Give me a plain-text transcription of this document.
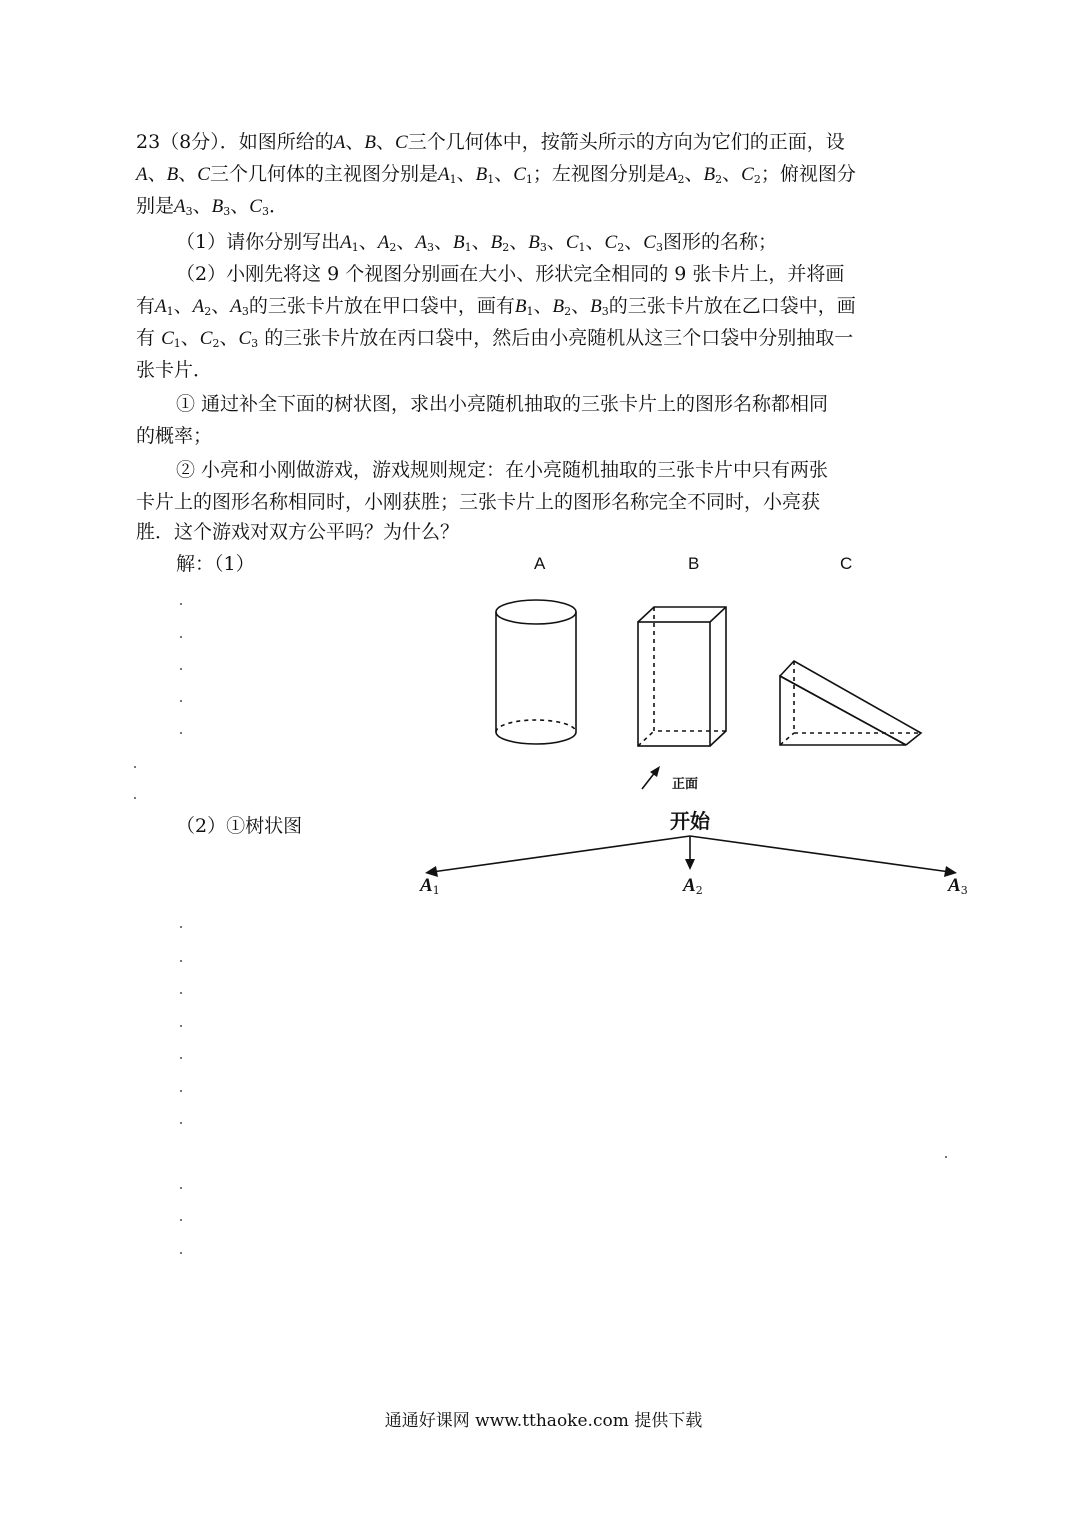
23（8分）．如图所给的A、B、C三个几何体中，按箭头所示的方向为它们的正面，设
A、B、C三个几何体的主视图分别是$A_1$、$B_1$、$C_1$；左视图分别是$A_2$、$B_2$、$C_2$；俯视图分
别是$A_3$、$B_3$、$C_3$．
（1）请你分别写出$A_1$、$A_2$、$A_3$、$B_1$、$B_2$、$B_3$、$C_1$、$C_2$、$C_3$图形的名称；
（2）小刚先将这 9 个视图分别画在大小、形状完全相同的 9 张卡片上，并将画
有$A_1$、$A_2$、$A_3$的三张卡片放在甲口袋中，画有$B_1$、$B_2$、$B_3$的三张卡片放在乙口袋中，画
有 $C_1$、$C_2$、$C_3$ 的三张卡片放在丙口袋中，然后由小亮随机从这三个口袋中分别抽取一
张卡片．
① 通过补全下面的树状图，求出小亮随机抽取的三张卡片上的图形名称都相同
的概率；
② 小亮和小刚做游戏，游戏规则规定：在小亮随机抽取的三张卡片中只有两张
卡片上的图形名称相同时，小刚获胜；三张卡片上的图形名称完全不同时，小亮获
胜．这个游戏对双方公平吗？为什么？
解：（1）
（2）①树状图
A	B	C
正面
开始
$A_1$	$A_2$	$A_3$
通通好课网 www.tthaoke.com 提供下载
